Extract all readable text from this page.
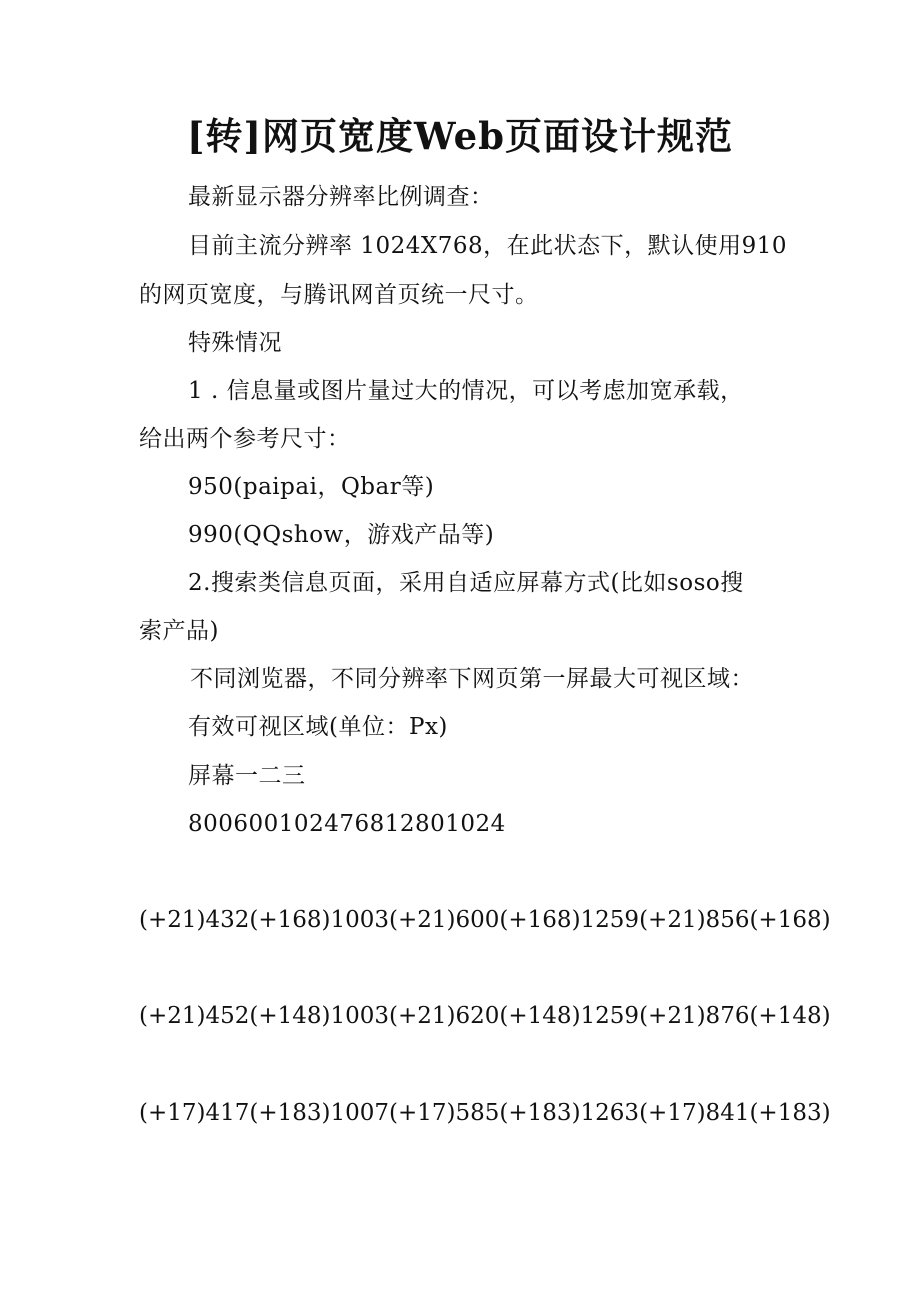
[转]网页宽度Web页面设计规范
最新显示器分辨率比例调查：
目前主流分辨率 1024X768，在此状态下，默认使用910
的网页宽度，与腾讯网首页统一尺寸。
特殊情况
1 . 信息量或图片量过大的情况，可以考虑加宽承载，
给出两个参考尺寸：
950(paipai，Qbar等)
990(QQshow，游戏产品等)
2.搜索类信息页面，采用自适应屏幕方式(比如soso搜
索产品)
不同浏览器，不同分辨率下网页第一屏最大可视区域：
有效可视区域(单位：Px)
屏幕一二三
800600102476812801024
(+21)432(+168)1003(+21)600(+168)1259(+21)856(+168)
(+21)452(+148)1003(+21)620(+148)1259(+21)876(+148)
(+17)417(+183)1007(+17)585(+183)1263(+17)841(+183)
